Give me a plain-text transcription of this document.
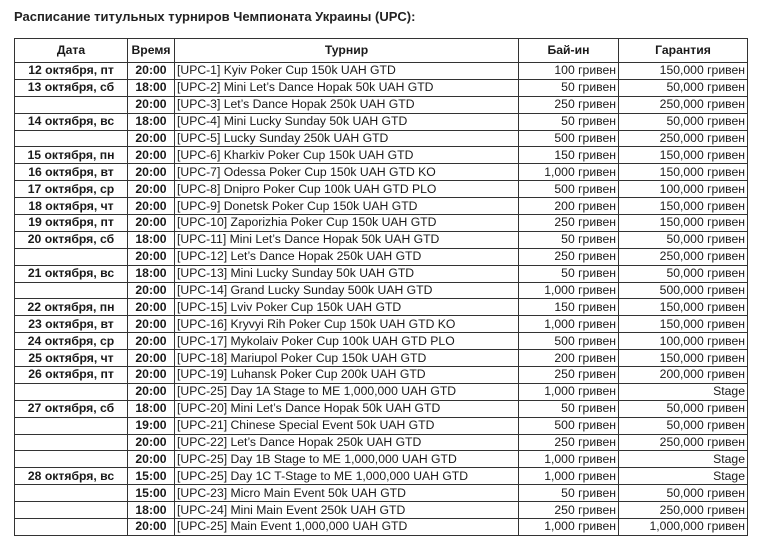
Расписание титульных турниров Чемпионата Украины (UPC):
Дата	Время	Турнир	Бай-ин	Гарантия
12 октября, пт	20:00	[UPC-1] Kyiv Poker Cup 150k UAH GTD	100 гривен	150,000 гривен
13 октября, сб	18:00	[UPC-2] Mini Let’s Dance Hopak 50k UAH GTD	50 гривен	50,000 гривен
	20:00	[UPC-3] Let’s Dance Hopak 250k UAH GTD	250 гривен	250,000 гривен
14 октября, вс	18:00	[UPC-4] Mini Lucky Sunday 50k UAH GTD	50 гривен	50,000 гривен
	20:00	[UPC-5] Lucky Sunday 250k UAH GTD	500 гривен	250,000 гривен
15 октября, пн	20:00	[UPC-6] Kharkiv Poker Cup 150k UAH GTD	150 гривен	150,000 гривен
16 октября, вт	20:00	[UPC-7] Odessa Poker Cup 150k UAH GTD KO	1,000 гривен	150,000 гривен
17 октября, ср	20:00	[UPC-8] Dnipro Poker Cup 100k UAH GTD PLO	500 гривен	100,000 гривен
18 октября, чт	20:00	[UPC-9] Donetsk Poker Cup 150k UAH GTD	200 гривен	150,000 гривен
19 октября, пт	20:00	[UPC-10] Zaporizhia Poker Cup 150k UAH GTD	250 гривен	150,000 гривен
20 октября, сб	18:00	[UPC-11] Mini Let’s Dance Hopak 50k UAH GTD	50 гривен	50,000 гривен
	20:00	[UPC-12] Let’s Dance Hopak 250k UAH GTD	250 гривен	250,000 гривен
21 октября, вс	18:00	[UPC-13] Mini Lucky Sunday 50k UAH GTD	50 гривен	50,000 гривен
	20:00	[UPC-14] Grand Lucky Sunday 500k UAH GTD	1,000 гривен	500,000 гривен
22 октября, пн	20:00	[UPC-15] Lviv Poker Cup 150k UAH GTD	150 гривен	150,000 гривен
23 октября, вт	20:00	[UPC-16] Kryvyi Rih Poker Cup 150k UAH GTD KO	1,000 гривен	150,000 гривен
24 октября, ср	20:00	[UPC-17] Mykolaiv Poker Cup 100k UAH GTD PLO	500 гривен	100,000 гривен
25 октября, чт	20:00	[UPC-18] Mariupol Poker Cup 150k UAH GTD	200 гривен	150,000 гривен
26 октября, пт	20:00	[UPC-19] Luhansk Poker Cup 200k UAH GTD	250 гривен	200,000 гривен
	20:00	[UPC-25] Day 1A Stage to ME 1,000,000 UAH GTD	1,000 гривен	Stage
27 октября, сб	18:00	[UPC-20] Mini Let’s Dance Hopak 50k UAH GTD	50 гривен	50,000 гривен
	19:00	[UPC-21] Chinese Special Event 50k UAH GTD	500 гривен	50,000 гривен
	20:00	[UPC-22] Let’s Dance Hopak 250k UAH GTD	250 гривен	250,000 гривен
	20:00	[UPC-25] Day 1B Stage to ME 1,000,000 UAH GTD	1,000 гривен	Stage
28 октября, вс	15:00	[UPC-25] Day 1C T-Stage to ME 1,000,000 UAH GTD	1,000 гривен	Stage
	15:00	[UPC-23] Micro Main Event 50k UAH GTD	50 гривен	50,000 гривен
	18:00	[UPC-24] Mini Main Event 250k UAH GTD	250 гривен	250,000 гривен
	20:00	[UPC-25] Main Event 1,000,000 UAH GTD	1,000 гривен	1,000,000 гривен
